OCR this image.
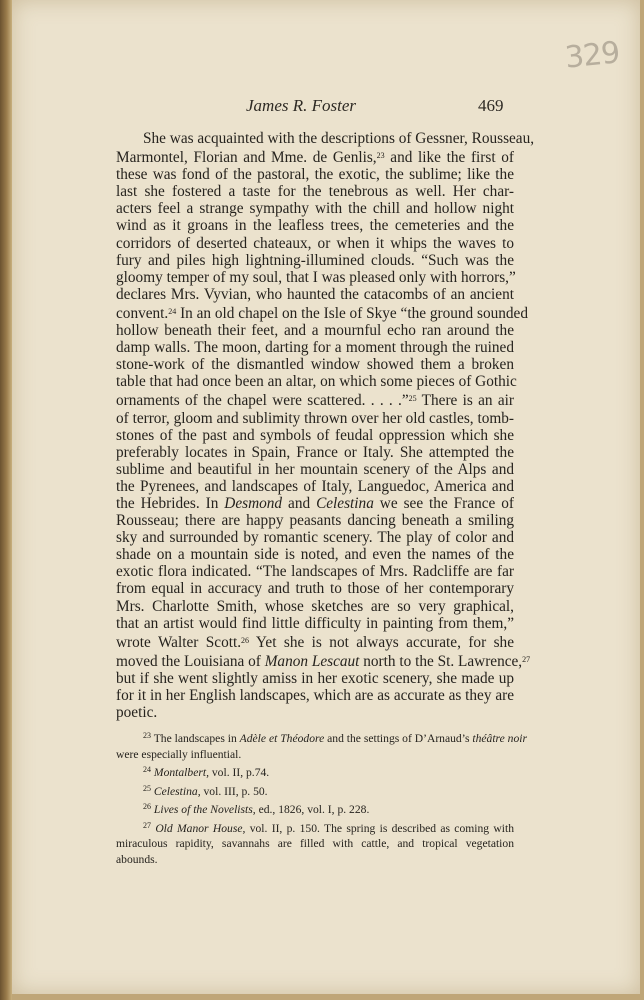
329
James R. Foster	469
She was acquainted with the descriptions of Gessner, Rousseau,
Marmontel, Florian and Mme. de Genlis,$^{23}$ and like the first of
these was fond of the pastoral, the exotic, the sublime; like the
last she fostered a taste for the tenebrous as well. Her char-
acters feel a strange sympathy with the chill and hollow night
wind as it groans in the leafless trees, the cemeteries and the
corridors of deserted chateaux, or when it whips the waves to
fury and piles high lightning-illumined clouds. “Such was the
gloomy temper of my soul, that I was pleased only with horrors,”
declares Mrs. Vyvian, who haunted the catacombs of an ancient
convent.$^{24}$ In an old chapel on the Isle of Skye “the ground sounded
hollow beneath their feet, and a mournful echo ran around the
damp walls. The moon, darting for a moment through the ruined
stone-work of the dismantled window showed them a broken
table that had once been an altar, on which some pieces of Gothic
ornaments of the chapel were scattered. . . . .”$^{25}$ There is an air
of terror, gloom and sublimity thrown over her old castles, tomb-
stones of the past and symbols of feudal oppression which she
preferably locates in Spain, France or Italy. She attempted the
sublime and beautiful in her mountain scenery of the Alps and
the Pyrenees, and landscapes of Italy, Languedoc, America and
the Hebrides. In Desmond and Celestina we see the France of
Rousseau; there are happy peasants dancing beneath a smiling
sky and surrounded by romantic scenery. The play of color and
shade on a mountain side is noted, and even the names of the
exotic flora indicated. “The landscapes of Mrs. Radcliffe are far
from equal in accuracy and truth to those of her contemporary
Mrs. Charlotte Smith, whose sketches are so very graphical,
that an artist would find little difficulty in painting from them,”
wrote Walter Scott.$^{26}$ Yet she is not always accurate, for she
moved the Louisiana of Manon Lescaut north to the St. Lawrence,$^{27}$
but if she went slightly amiss in her exotic scenery, she made up
for it in her English landscapes, which are as accurate as they are
poetic.
$^{23}$ The landscapes in Adèle et Théodore and the settings of D’Arnaud’s théâtre noir
were especially influential.
$^{24}$ Montalbert, vol. II, p.74.
$^{25}$ Celestina, vol. III, p. 50.
$^{26}$ Lives of the Novelists, ed., 1826, vol. I, p. 228.
$^{27}$ Old Manor House, vol. II, p. 150. The spring is described as coming with
miraculous rapidity, savannahs are filled with cattle, and tropical vegetation
abounds.
